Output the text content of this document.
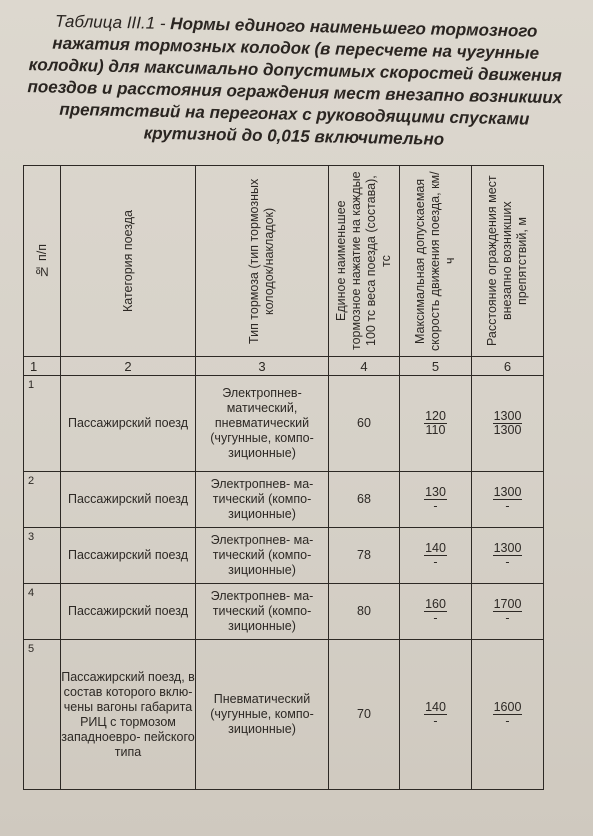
Таблица III.1 - Нормы единого наименьшего тормозного нажатия тормозных колодок (в пересчете на чугунные колодки) для максимально допустимых скоростей движения поездов и расстояния ограждения мест внезапно возникших препятствий на перегонах с руководящими спусками крутизной до 0,015 включительно
№ п/п	Категория поезда	Тип тормоза (тип тормозных колодок/накладок)	Единое наименьшее тормозное нажатие на каждые 100 тс веса поезда (состава), тс	Максимальная допускаемая скорость движения поезда, км/ч	Расстояние ограждения мест внезапно возникших препятствий, м

1	2	3	4	5	6
1	Пассажирский поезд	Электропнев- матический, пневматический (чугунные, компо- зиционные)	60	$\frac{120}{110}$	$\frac{1300}{1300}$

2	Пассажирский поезд	Электропнев- ма- тический (компо- зиционные)	68	$\frac{130}{-}$	$\frac{1300}{-}$

3	Пассажирский поезд	Электропнев- ма- тический (компо- зиционные)	78	$\frac{140}{-}$	$\frac{1300}{-}$

4	Пассажирский поезд	Электропнев- ма- тический (компо- зиционные)	80	$\frac{160}{-}$	$\frac{1700}{-}$

5	Пассажирский поезд, в состав которого вклю- чены вагоны габарита РИЦ с тормозом западноевро- пейского типа	Пневматический (чугунные, компо- зиционные)	70	$\frac{140}{-}$	$\frac{1600}{-}$
